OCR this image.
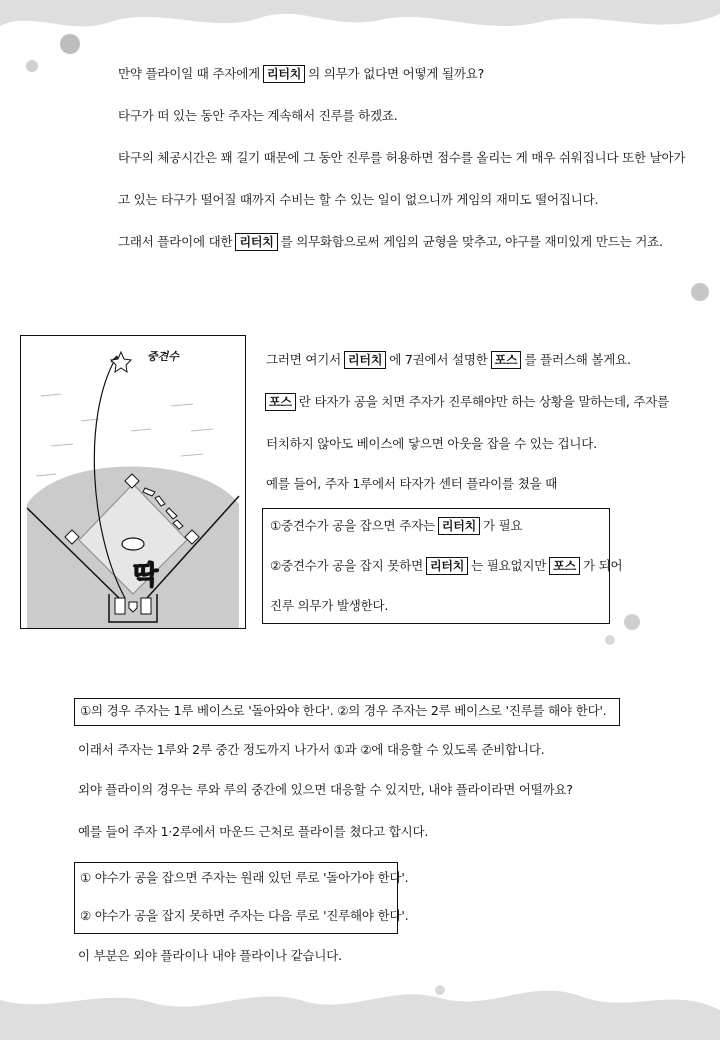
만약 플라이일 때 주자에게 리터치 의 의무가 없다면 어떻게 될까요?
타구가 떠 있는 동안 주자는 계속해서 진루를 하겠죠.
타구의 체공시간은 꽤 길기 때문에 그 동안 진루를 허용하면 점수를 올리는 게 매우 쉬워집니다 또한 날아가
고 있는 타구가 떨어질 때까지 수비는 할 수 있는 일이 없으니까 게임의 재미도 떨어집니다.
그래서 플라이에 대한 리터치 를 의무화함으로써 게임의 균형을 맞추고, 야구를 재미있게 만드는 거죠.
딱
중견수	그러면 여기서 리터치 에 7권에서 설명한 포스 를 플러스해 볼게요.
포스 란 타자가 공을 치면 주자가 진루해야만 하는 상황을 말하는데, 주자를
터치하지 않아도 베이스에 닿으면 아웃을 잡을 수 있는 겁니다.
예를 들어, 주자 1루에서 타자가 센터 플라이를 쳤을 때
①중견수가 공을 잡으면 주자는 리터치 가 필요
②중견수가 공을 잡지 못하면 리터치 는 필요없지만 포스 가 되어
진루 의무가 발생한다.
①의 경우 주자는 1루 베이스로 '돌아와야 한다'. ②의 경우 주자는 2루 베이스로 '진루를 해야 한다'.
이래서 주자는 1루와 2루 중간 정도까지 나가서 ①과 ②에 대응할 수 있도록 준비합니다.
외야 플라이의 경우는 루와 루의 중간에 있으면 대응할 수 있지만, 내야 플라이라면 어떨까요?
예를 들어 주자 1·2루에서 마운드 근처로 플라이를 쳤다고 합시다.
① 야수가 공을 잡으면 주자는 원래 있던 루로 '돌아가야 한다'.
② 야수가 공을 잡지 못하면 주자는 다음 루로 '진루해야 한다'.
이 부분은 외야 플라이나 내야 플라이나 같습니다.
